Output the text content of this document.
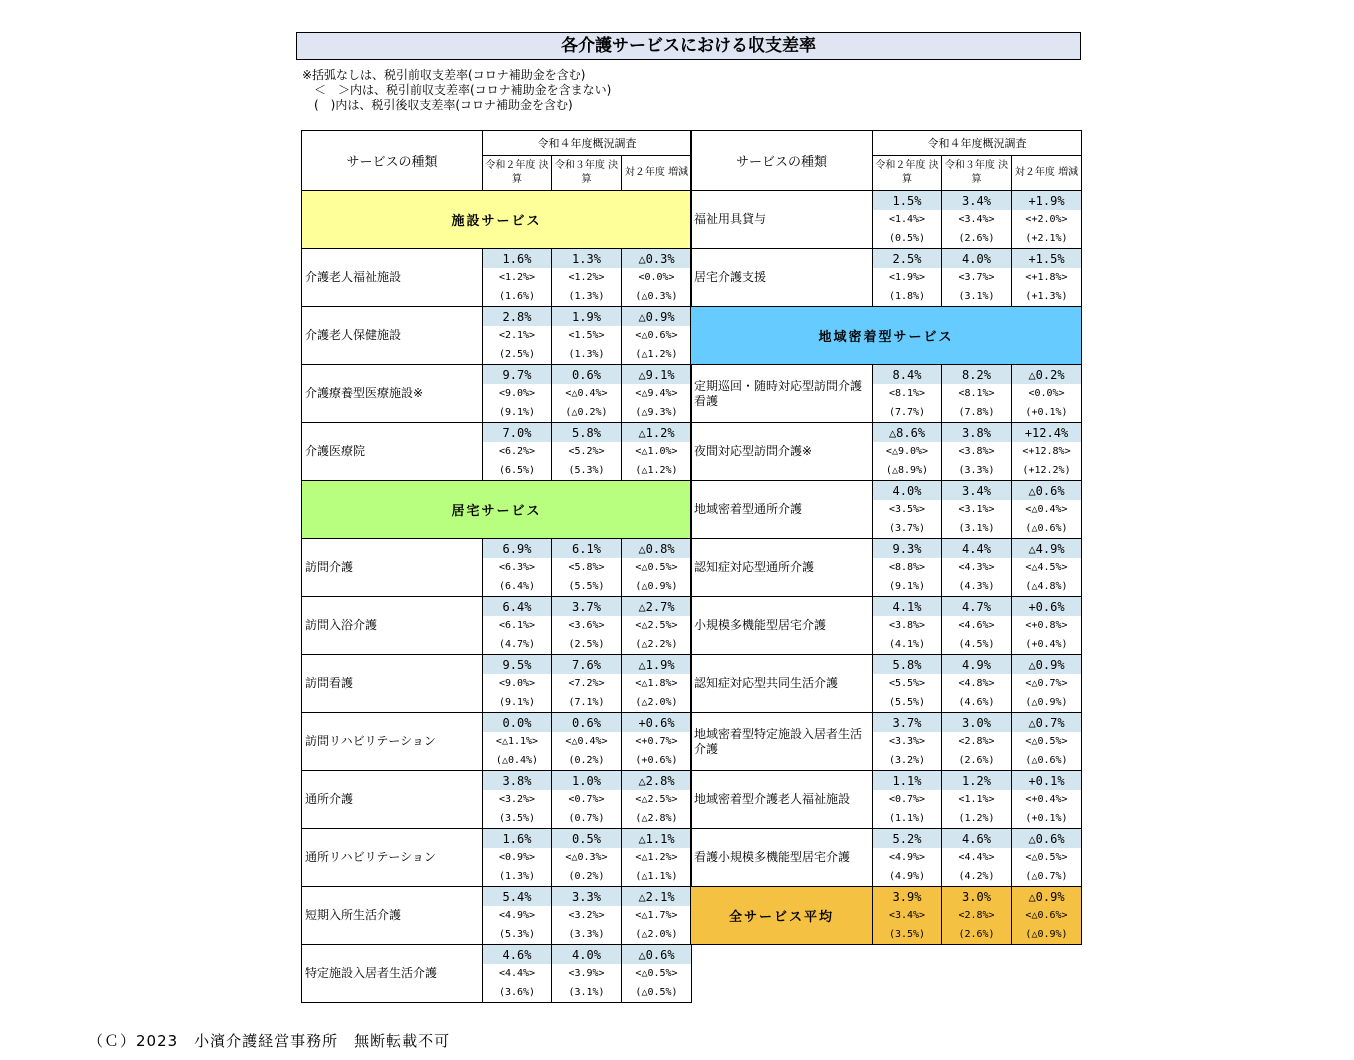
各介護サービスにおける収支差率
※括弧なしは、税引前収支差率(コロナ補助金を含む)
　＜　＞内は、税引前収支差率(コロナ補助金を含まない)
　(　)内は、税引後収支差率(コロナ補助金を含む)
サービスの種類	令和４年度概況調査		
	令和２年度 決算	令和３年度 決算	対２年度 増減
施設サービス			
介護老人福祉施設	1.6%	1.3%	△0.3%
	<1.2%>	<1.2%>	<0.0%>
	(1.6%)	(1.3%)	(△0.3%)
介護老人保健施設	2.8%	1.9%	△0.9%
	<2.1%>	<1.5%>	<△0.6%>
	(2.5%)	(1.3%)	(△1.2%)
介護療養型医療施設※	9.7%	0.6%	△9.1%
	<9.0%>	<△0.4%>	<△9.4%>
	(9.1%)	(△0.2%)	(△9.3%)
介護医療院	7.0%	5.8%	△1.2%
	<6.2%>	<5.2%>	<△1.0%>
	(6.5%)	(5.3%)	(△1.2%)
居宅サービス			
訪問介護	6.9%	6.1%	△0.8%
	<6.3%>	<5.8%>	<△0.5%>
	(6.4%)	(5.5%)	(△0.9%)
訪問入浴介護	6.4%	3.7%	△2.7%
	<6.1%>	<3.6%>	<△2.5%>
	(4.7%)	(2.5%)	(△2.2%)
訪問看護	9.5%	7.6%	△1.9%
	<9.0%>	<7.2%>	<△1.8%>
	(9.1%)	(7.1%)	(△2.0%)
訪問リハビリテーション	0.0%	0.6%	+0.6%
	<△1.1%>	<△0.4%>	<+0.7%>
	(△0.4%)	(0.2%)	(+0.6%)
通所介護	3.8%	1.0%	△2.8%
	<3.2%>	<0.7%>	<△2.5%>
	(3.5%)	(0.7%)	(△2.8%)
通所リハビリテーション	1.6%	0.5%	△1.1%
	<0.9%>	<△0.3%>	<△1.2%>
	(1.3%)	(0.2%)	(△1.1%)
短期入所生活介護	5.4%	3.3%	△2.1%
	<4.9%>	<3.2%>	<△1.7%>
	(5.3%)	(3.3%)	(△2.0%)
特定施設入居者生活介護	4.6%	4.0%	△0.6%
	<4.4%>	<3.9%>	<△0.5%>
	(3.6%)	(3.1%)	(△0.5%)
サービスの種類	令和４年度概況調査		
	令和２年度 決算	令和３年度 決算	対２年度 増減
福祉用具貸与	1.5%	3.4%	+1.9%
	<1.4%>	<3.4%>	<+2.0%>
	(0.5%)	(2.6%)	(+2.1%)
居宅介護支援	2.5%	4.0%	+1.5%
	<1.9%>	<3.7%>	<+1.8%>
	(1.8%)	(3.1%)	(+1.3%)
地域密着型サービス			
定期巡回・随時対応型訪問介護看護	8.4%	8.2%	△0.2%
	<8.1%>	<8.1%>	<0.0%>
	(7.7%)	(7.8%)	(+0.1%)
夜間対応型訪問介護※	△8.6%	3.8%	+12.4%
	<△9.0%>	<3.8%>	<+12.8%>
	(△8.9%)	(3.3%)	(+12.2%)
地域密着型通所介護	4.0%	3.4%	△0.6%
	<3.5%>	<3.1%>	<△0.4%>
	(3.7%)	(3.1%)	(△0.6%)
認知症対応型通所介護	9.3%	4.4%	△4.9%
	<8.8%>	<4.3%>	<△4.5%>
	(9.1%)	(4.3%)	(△4.8%)
小規模多機能型居宅介護	4.1%	4.7%	+0.6%
	<3.8%>	<4.6%>	<+0.8%>
	(4.1%)	(4.5%)	(+0.4%)
認知症対応型共同生活介護	5.8%	4.9%	△0.9%
	<5.5%>	<4.8%>	<△0.7%>
	(5.5%)	(4.6%)	(△0.9%)
地域密着型特定施設入居者生活介護	3.7%	3.0%	△0.7%
	<3.3%>	<2.8%>	<△0.5%>
	(3.2%)	(2.6%)	(△0.6%)
地域密着型介護老人福祉施設	1.1%	1.2%	+0.1%
	<0.7%>	<1.1%>	<+0.4%>
	(1.1%)	(1.2%)	(+0.1%)
看護小規模多機能型居宅介護	5.2%	4.6%	△0.6%
	<4.9%>	<4.4%>	<△0.5%>
	(4.9%)	(4.2%)	(△0.7%)
全サービス平均	3.9%	3.0%	△0.9%
	<3.4%>	<2.8%>	<△0.6%>
	(3.5%)	(2.6%)	(△0.9%)
（Ｃ）2023　小濱介護経営事務所　無断転載不可
